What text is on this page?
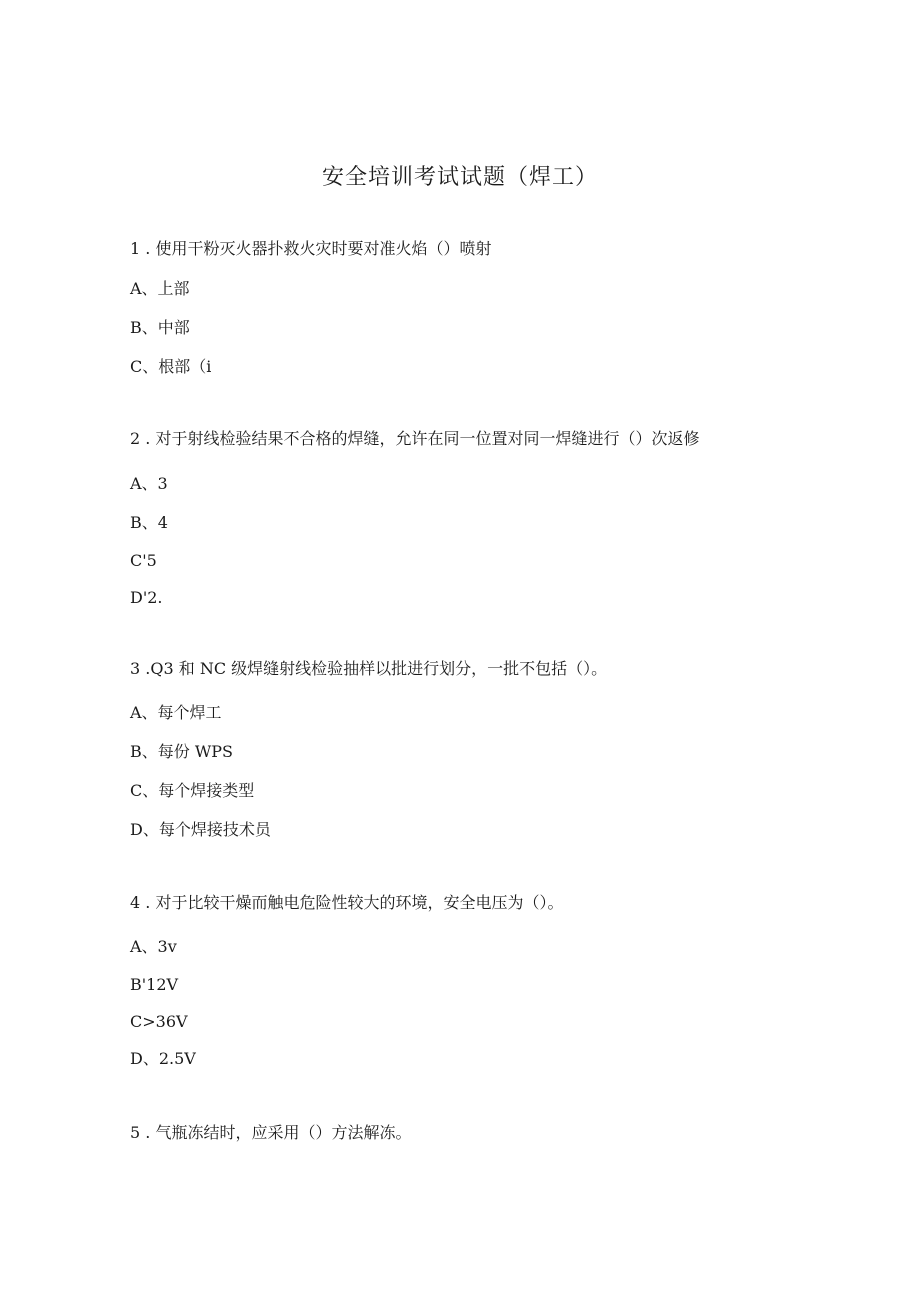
安全培训考试试题（焊工）
1 . 使用干粉灭火器扑救火灾时要对准火焰（）喷射
A、上部
B、中部
C、根部（i
2 . 对于射线检验结果不合格的焊缝，允许在同一位置对同一焊缝进行（）次返修
A、3
B、4
C'5
D'2.
3 .Q3 和 NC 级焊缝射线检验抽样以批进行划分，一批不包括（）。
A、每个焊工
B、每份 WPS
C、每个焊接类型
D、每个焊接技术员
4 . 对于比较干燥而触电危险性较大的环境，安全电压为（）。
A、3v
B'12V
C>36V
D、2.5V
5 . 气瓶冻结时，应采用（）方法解冻。
